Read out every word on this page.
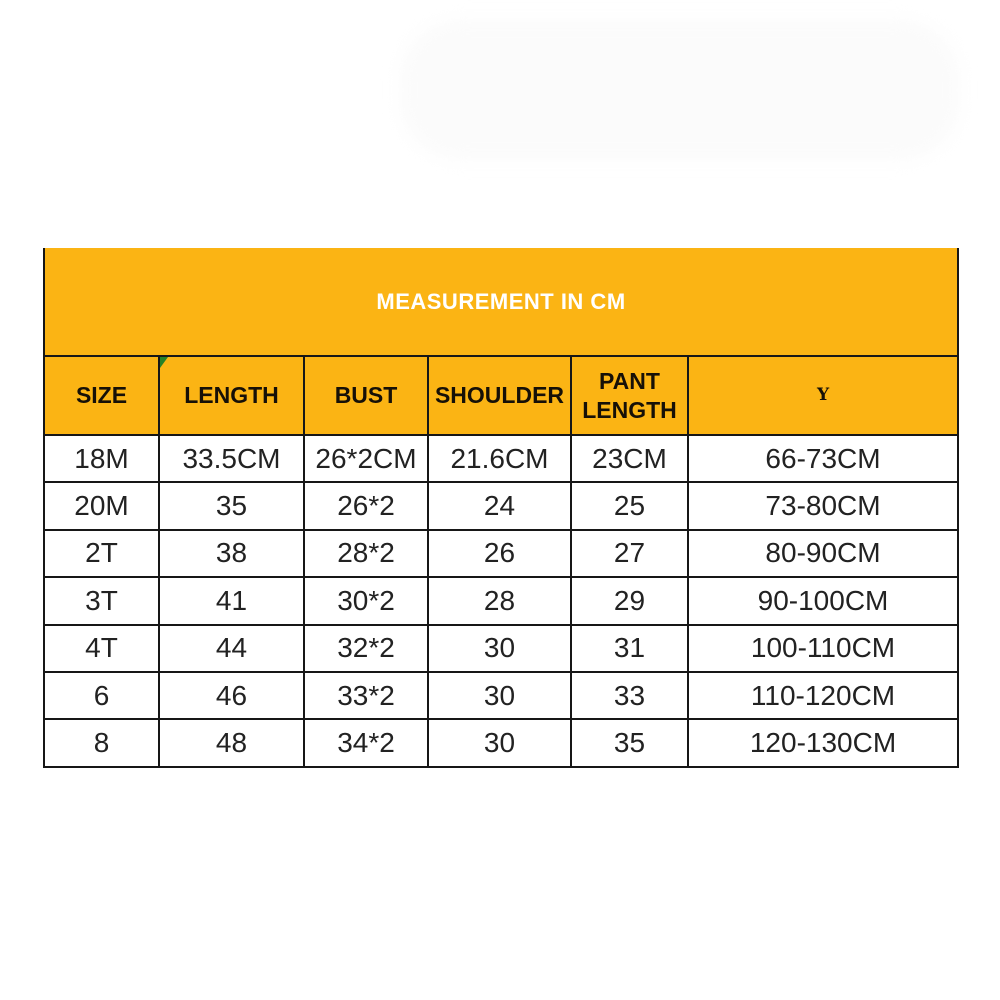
MEASUREMENT IN CM					
SIZE	LENGTH	BUST	SHOULDER	PANT LENGTH	Y
18M	33.5CM	26*2CM	21.6CM	23CM	66-73CM
20M	35	26*2	24	25	73-80CM
2T	38	28*2	26	27	80-90CM
3T	41	30*2	28	29	90-100CM
4T	44	32*2	30	31	100-110CM
6	46	33*2	30	33	110-120CM
8	48	34*2	30	35	120-130CM
